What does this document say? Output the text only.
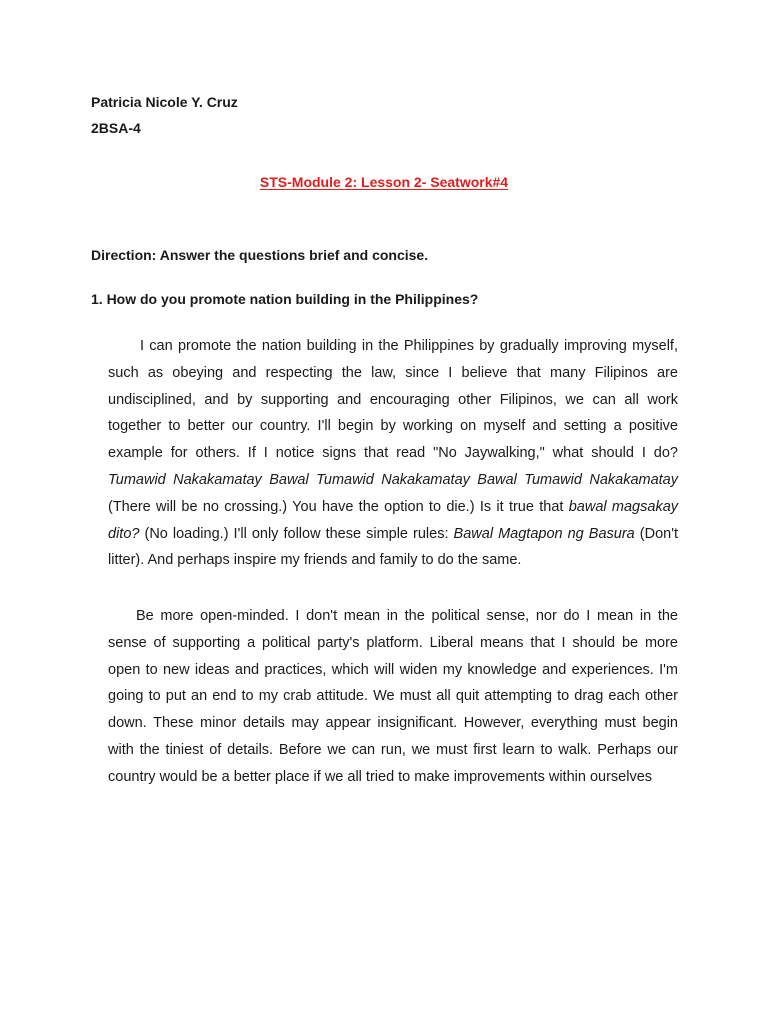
Patricia Nicole Y. Cruz
2BSA-4
STS-Module 2: Lesson 2- Seatwork#4
Direction: Answer the questions brief and concise.
1. How do you promote nation building in the Philippines?
I can promote the nation building in the Philippines by gradually improving myself,
such as obeying and respecting the law, since I believe that many Filipinos are
undisciplined, and by supporting and encouraging other Filipinos, we can all work
together to better our country. I'll begin by working on myself and setting a positive
example for others. If I notice signs that read "No Jaywalking," what should I do?
Tumawid Nakakamatay Bawal Tumawid Nakakamatay Bawal Tumawid Nakakamatay
(There will be no crossing.) You have the option to die.) Is it true that bawal magsakay
dito? (No loading.) I'll only follow these simple rules: Bawal Magtapon ng Basura (Don't
litter). And perhaps inspire my friends and family to do the same.
Be more open-minded. I don't mean in the political sense, nor do I mean in the
sense of supporting a political party's platform. Liberal means that I should be more
open to new ideas and practices, which will widen my knowledge and experiences. I'm
going to put an end to my crab attitude. We must all quit attempting to drag each other
down. These minor details may appear insignificant. However, everything must begin
with the tiniest of details. Before we can run, we must first learn to walk. Perhaps our
country would be a better place if we all tried to make improvements within ourselves
